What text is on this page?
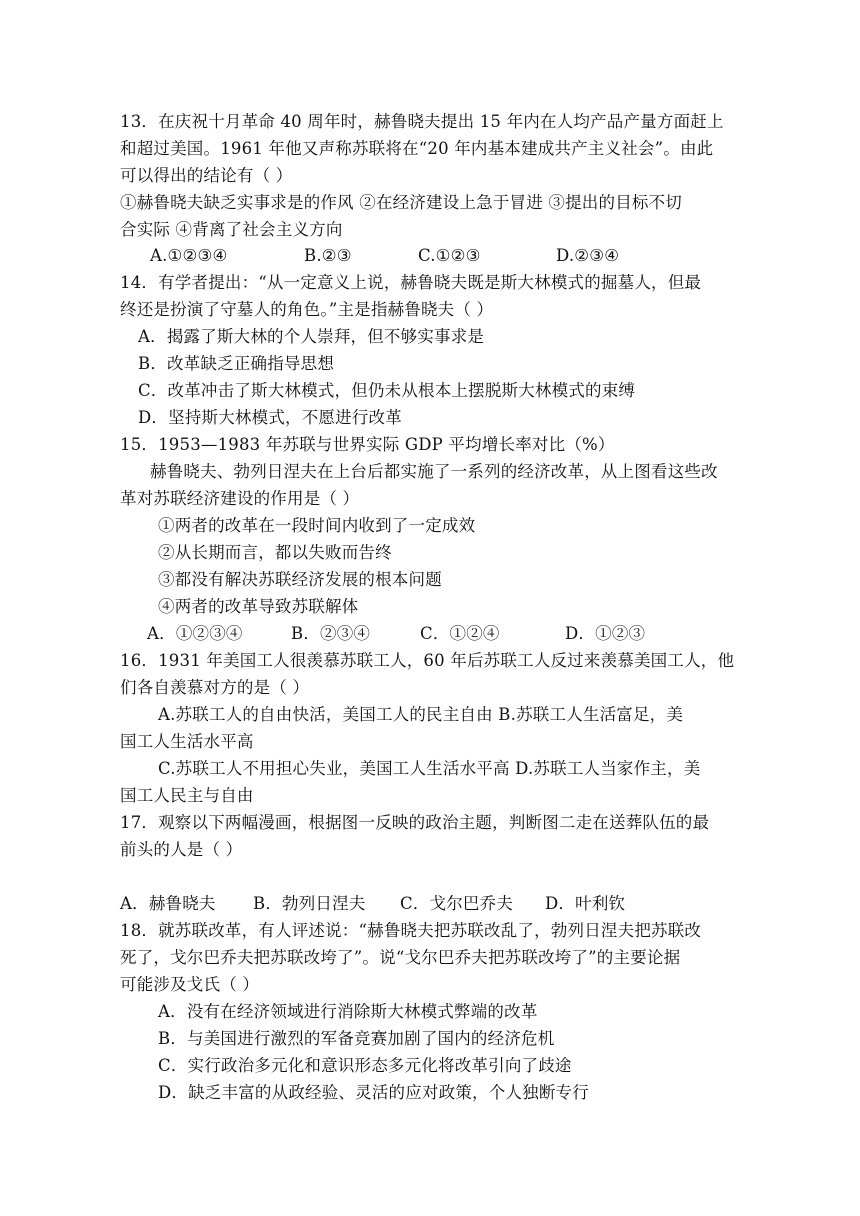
13．在庆祝十月革命 40 周年时，赫鲁晓夫提出 15 年内在人均产品产量方面赶上
和超过美国。1961 年他又声称苏联将在“20 年内基本建成共产主义社会”。由此
可以得出的结论有（ ）
①赫鲁晓夫缺乏实事求是的作风 ②在经济建设上急于冒进 ③提出的目标不切
合实际 ④背离了社会主义方向
A.①②③④	B.②③	C.①②③	D.②③④
14．有学者提出：“从一定意义上说，赫鲁晓夫既是斯大林模式的掘墓人，但最
终还是扮演了守墓人的角色。”主是指赫鲁晓夫（ ）
A．揭露了斯大林的个人崇拜，但不够实事求是
B．改革缺乏正确指导思想
C．改革冲击了斯大林模式，但仍未从根本上摆脱斯大林模式的束缚
D．坚持斯大林模式，不愿进行改革
15．1953—1983 年苏联与世界实际 GDP 平均增长率对比（%）
赫鲁晓夫、勃列日涅夫在上台后都实施了一系列的经济改革，从上图看这些改
革对苏联经济建设的作用是（ ）
①两者的改革在一段时间内收到了一定成效
②从长期而言，都以失败而告终
③都没有解决苏联经济发展的根本问题
④两者的改革导致苏联解体
A．①②③④	B．②③④	C．①②④	D．①②③
16．1931 年美国工人很羡慕苏联工人，60 年后苏联工人反过来羡慕美国工人，他
们各自羡慕对方的是（ ）
A.苏联工人的自由快活，美国工人的民主自由 B.苏联工人生活富足，美
国工人生活水平高
C.苏联工人不用担心失业，美国工人生活水平高 D.苏联工人当家作主，美
国工人民主与自由
17．观察以下两幅漫画，根据图一反映的政治主题，判断图二走在送葬队伍的最
前头的人是（ ）
A．赫鲁晓夫 B．勃列日涅夫 C．戈尔巴乔夫 D．叶利钦
18．就苏联改革，有人评述说：“赫鲁晓夫把苏联改乱了，勃列日涅夫把苏联改
死了，戈尔巴乔夫把苏联改垮了”。说“戈尔巴乔夫把苏联改垮了”的主要论据
可能涉及戈氏（ ）
A．没有在经济领域进行消除斯大林模式弊端的改革
B．与美国进行激烈的军备竞赛加剧了国内的经济危机
C．实行政治多元化和意识形态多元化将改革引向了歧途
D．缺乏丰富的从政经验、灵活的应对政策，个人独断专行
